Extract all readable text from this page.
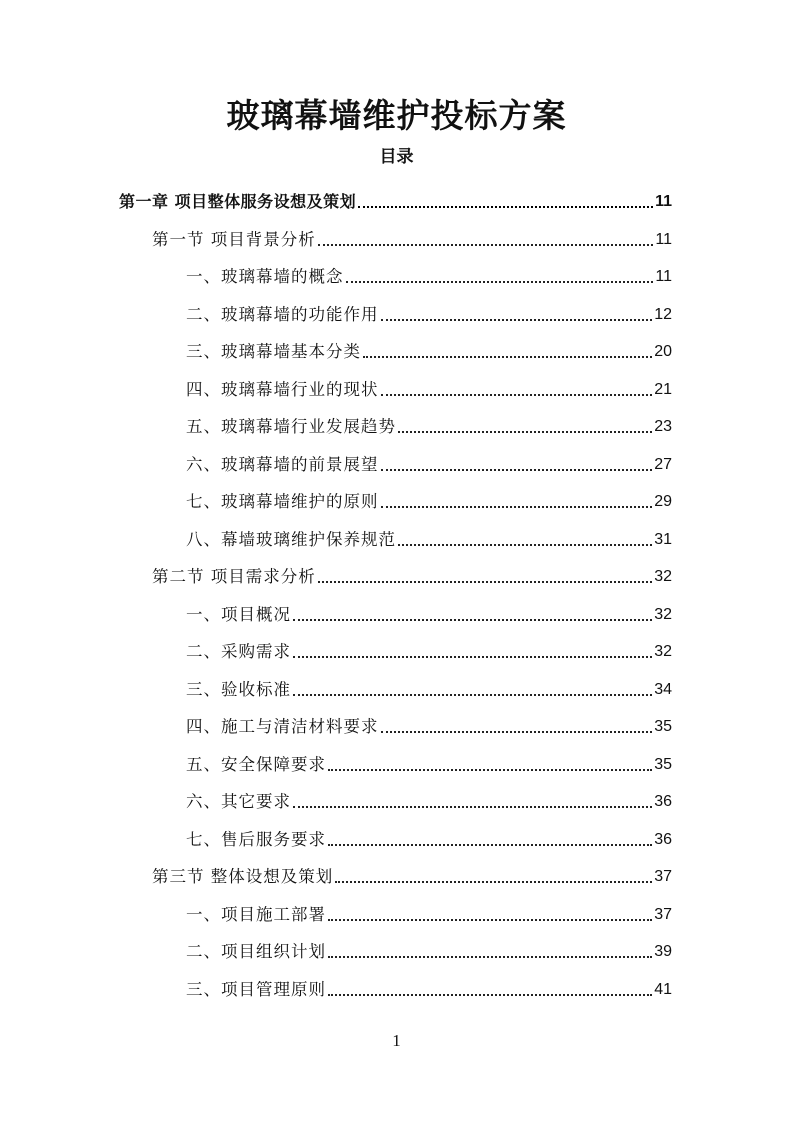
玻璃幕墙维护投标方案
目录
第一章 项目整体服务设想及策划	11
第一节 项目背景分析	11
一、玻璃幕墙的概念	11
二、玻璃幕墙的功能作用	12
三、玻璃幕墙基本分类	20
四、玻璃幕墙行业的现状	21
五、玻璃幕墙行业发展趋势	23
六、玻璃幕墙的前景展望	27
七、玻璃幕墙维护的原则	29
八、幕墙玻璃维护保养规范	31
第二节 项目需求分析	32
一、项目概况	32
二、采购需求	32
三、验收标准	34
四、施工与清洁材料要求	35
五、安全保障要求	35
六、其它要求	36
七、售后服务要求	36
第三节 整体设想及策划	37
一、项目施工部署	37
二、项目组织计划	39
三、项目管理原则	41
1
